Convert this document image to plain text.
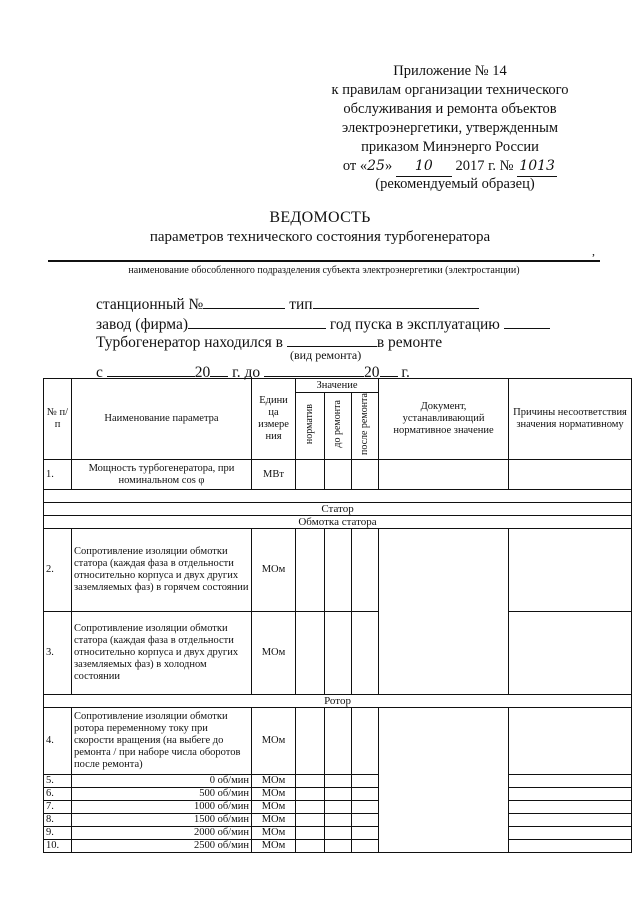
Приложение № 14
к правилам организации технического
обслуживания и ремонта объектов
электроэнергетики, утвержденным
приказом Минэнерго России
от «25» 10 2017 г. № 1013
(рекомендуемый образец)
ВЕДОМОСТЬ
параметров технического состояния турбогенератора
,
наименование обособленного подразделения субъекта электроэнергетики (электростанции)
станционный №	тип
завод (фирма)	год пуска в эксплуатацию
Турбогенератор находился в	в ремонте
(вид ремонта)
с	20 г. до	20 г.
№ п/п	Наименование параметра	Едини ца измере ния	Значение			Документ, устанавливающий нормативное значение	Причины несоответствия значения нормативному
			норматив	до ремонта	после ремонта		
1.	Мощность турбогенератора, при номинальном cos φ	МВт					

Статор							
Обмотка статора							
2.	Сопротивление изоляции обмотки статора (каждая фаза в отдельности относительно корпуса и двух других заземляемых фаз) в горячем состоянии	МОм					
3.	Сопротивление изоляции обмотки статора (каждая фаза в отдельности относительно корпуса и двух других заземляемых фаз) в холодном состоянии	МОм					
Ротор							
4.	Сопротивление изоляции обмотки ротора переменному току при скорости вращения (на выбеге до ремонта / при наборе числа оборотов после ремонта)	МОм					
5.	0 об/мин	МОм					
6.	500 об/мин	МОм					
7.	1000 об/мин	МОм					
8.	1500 об/мин	МОм					
9.	2000 об/мин	МОм					
10.	2500 об/мин	МОм					
